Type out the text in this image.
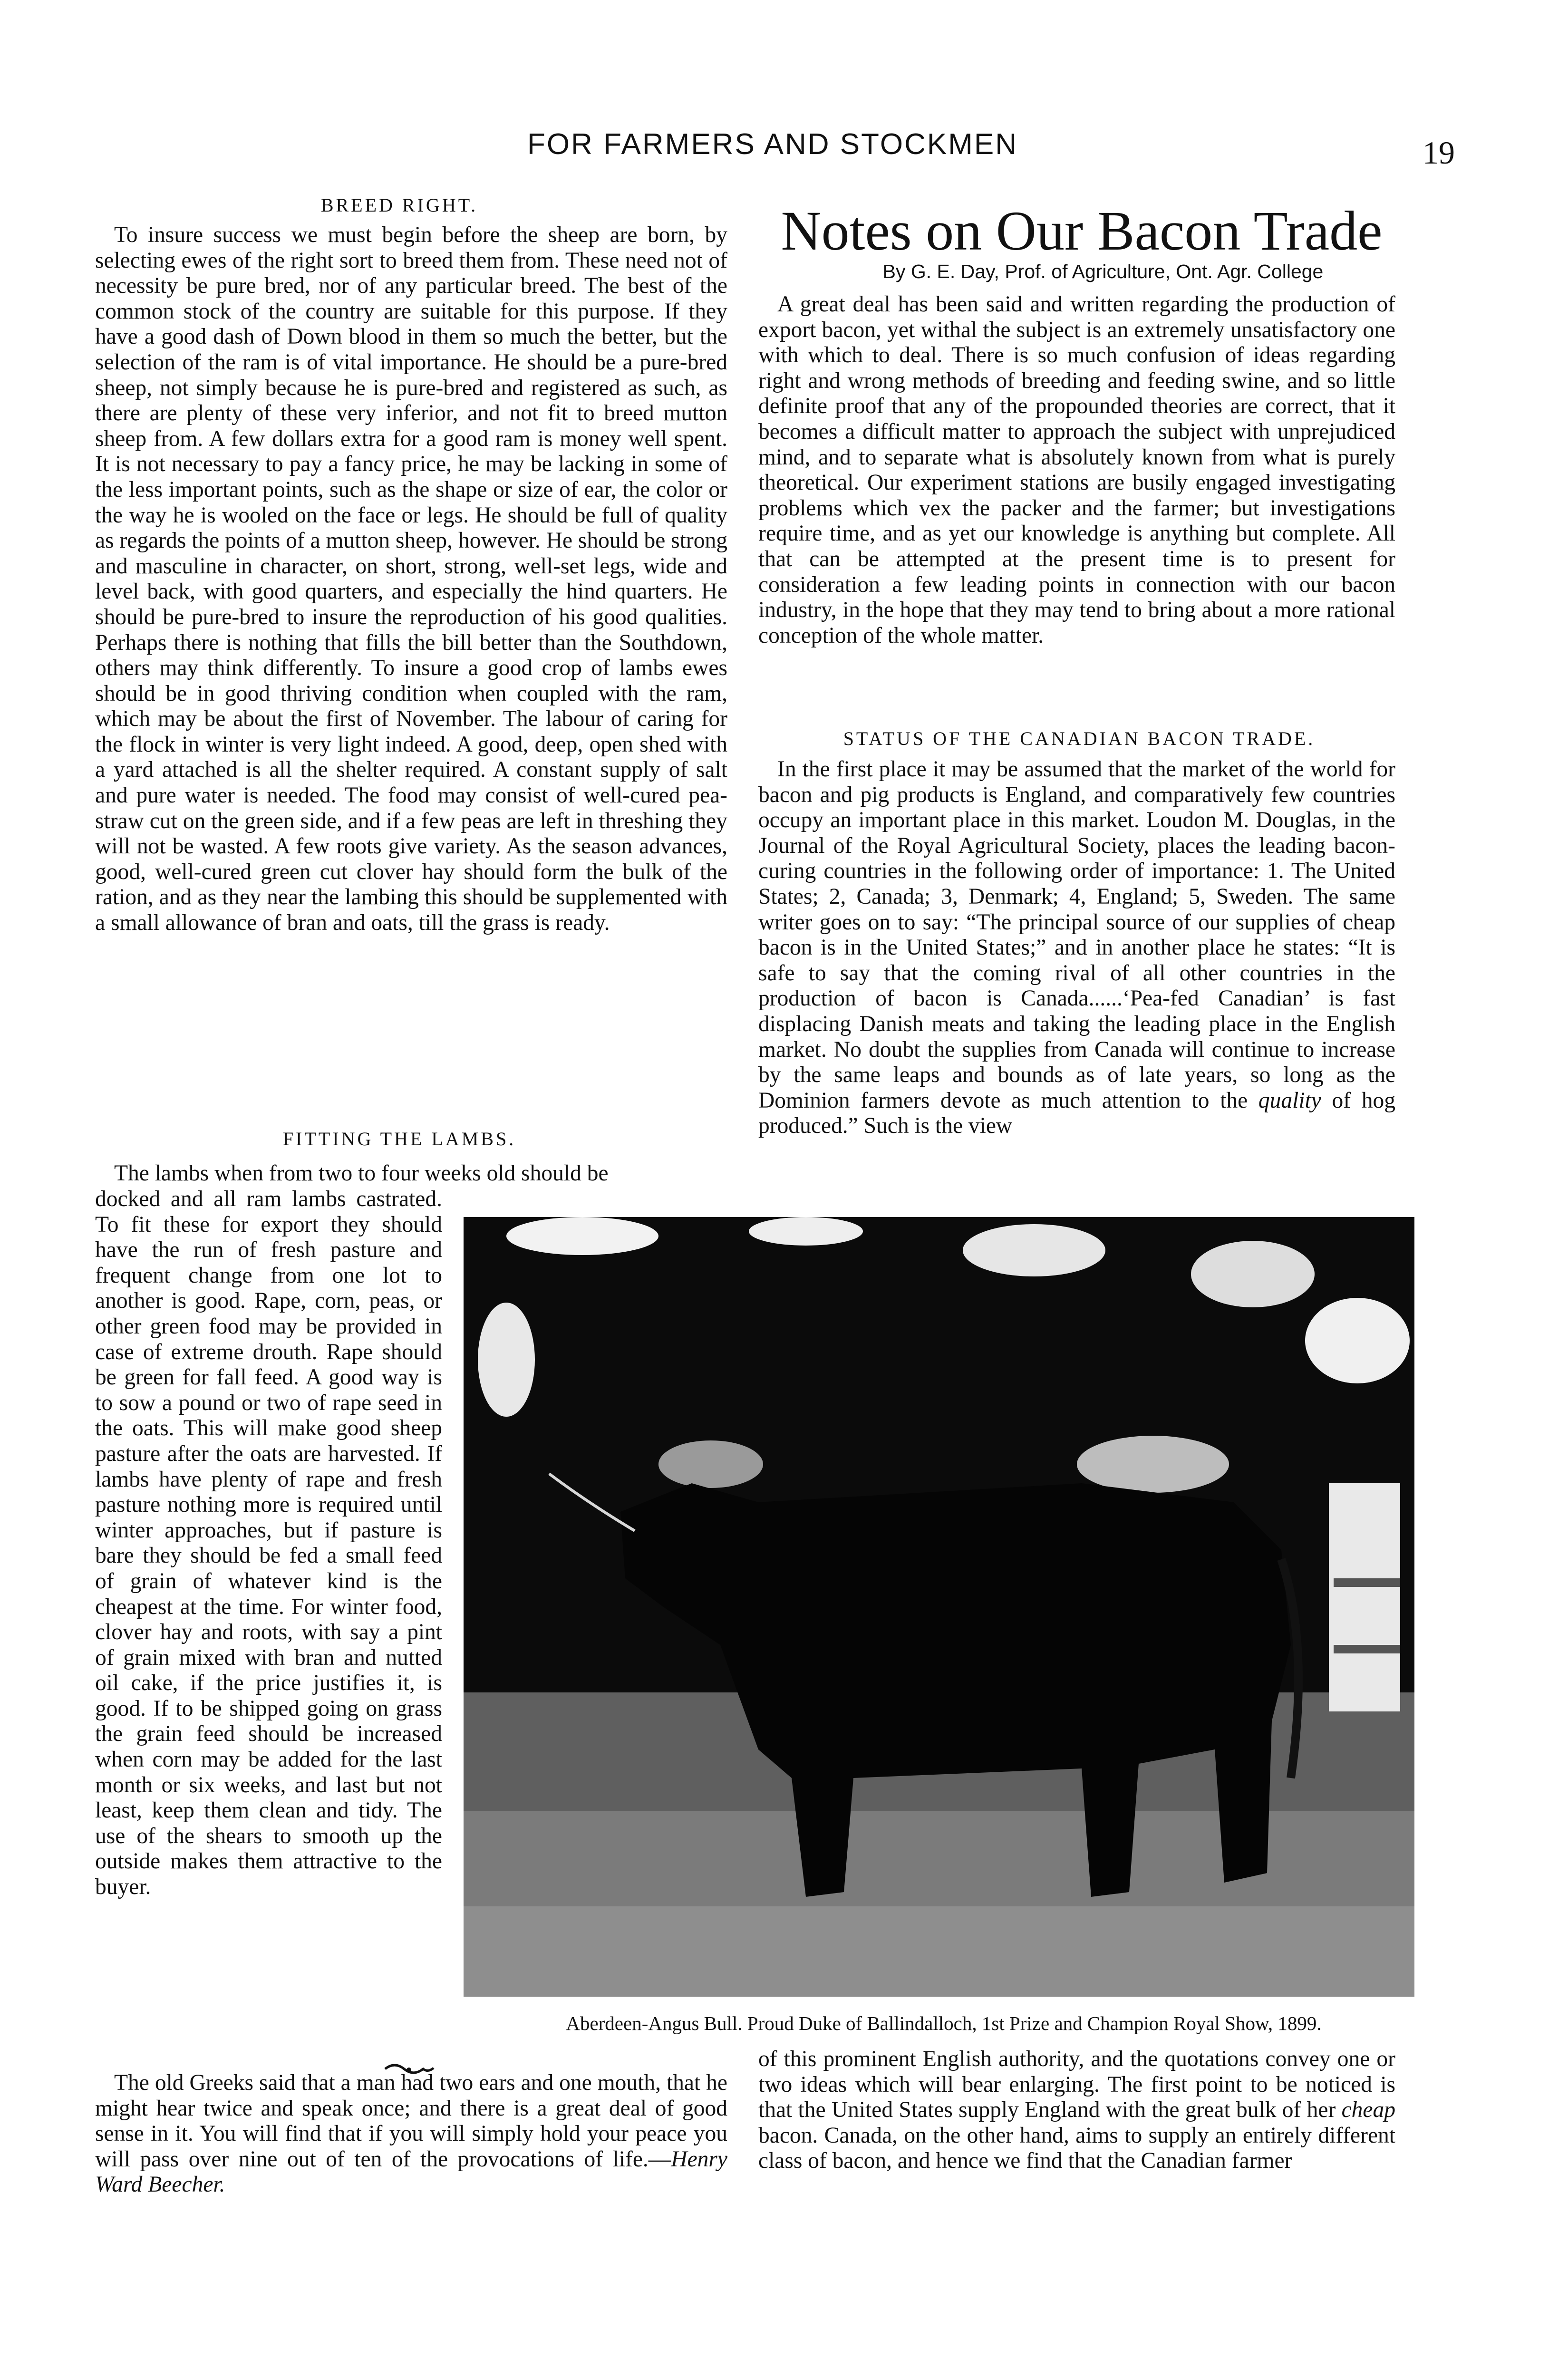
FOR FARMERS AND STOCKMEN	19
BREED RIGHT.

To insure success we must begin before the sheep are born, by selecting ewes of the right sort to breed them from. These need not of necessity be pure bred, nor of any particular breed. The best of the common stock of the country are suitable for this purpose. If they have a good dash of Down blood in them so much the better, but the selection of the ram is of vital importance. He should be a pure-bred sheep, not simply because he is pure-bred and registered as such, as there are plenty of these very inferior, and not fit to breed mutton sheep from. A few dollars extra for a good ram is money well spent. It is not necessary to pay a fancy price, he may be lacking in some of the less important points, such as the shape or size of ear, the color or the way he is wooled on the face or legs. He should be full of quality as regards the points of a mutton sheep, however. He should be strong and masculine in character, on short, strong, well-set legs, wide and level back, with good quarters, and especially the hind quarters. He should be pure-bred to insure the reproduction of his good qualities. Perhaps there is nothing that fills the bill better than the Southdown, others may think differently. To insure a good crop of lambs ewes should be in good thriving condition when coupled with the ram, which may be about the first of November. The labour of caring for the flock in winter is very light indeed. A good, deep, open shed with a yard attached is all the shelter required. A constant supply of salt and pure water is needed. The food may consist of well-cured pea-straw cut on the green side, and if a few peas are left in threshing they will not be wasted. A few roots give variety. As the season advances, good, well-cured green cut clover hay should form the bulk of the ration, and as they near the lambing this should be supplemented with a small allowance of bran and oats, till the grass is ready.

FITTING THE LAMBS.

The lambs when from two to four weeks old should be

docked and all ram lambs castrated. To fit these for export they should have the run of fresh pasture and frequent change from one lot to another is good. Rape, corn, peas, or other green food may be provided in case of extreme drouth. Rape should be green for fall feed. A good way is to sow a pound or two of rape seed in the oats. This will make good sheep pasture after the oats are harvested. If lambs have plenty of rape and fresh pasture nothing more is required until winter approaches, but if pasture is bare they should be fed a small feed of grain of whatever kind is the cheapest at the time. For winter food, clover hay and roots, with say a pint of grain mixed with bran and nutted oil cake, if the price justifies it, is good. If to be shipped going on grass the grain feed should be increased when corn may be added for the last month or six weeks, and last but not least, keep them clean and tidy. The use of the shears to smooth up the outside makes them attractive to the buyer.

The old Greeks said that a man had two ears and one mouth, that he might hear twice and speak once; and there is a great deal of good sense in it. You will find that if you will simply hold your peace you will pass over nine out of ten of the provocations of life.—Henry Ward Beecher.

Notes on Our Bacon Trade
By G. E. Day, Prof. of Agriculture, Ont. Agr. College

A great deal has been said and written regarding the production of export bacon, yet withal the subject is an extremely unsatisfactory one with which to deal. There is so much confusion of ideas regarding right and wrong methods of breeding and feeding swine, and so little definite proof that any of the propounded theories are correct, that it becomes a difficult matter to approach the subject with unprejudiced mind, and to separate what is absolutely known from what is purely theoretical. Our experiment stations are busily engaged investigating problems which vex the packer and the farmer; but investigations require time, and as yet our knowledge is anything but complete. All that can be attempted at the present time is to present for consideration a few leading points in connection with our bacon industry, in the hope that they may tend to bring about a more rational conception of the whole matter.

STATUS OF THE CANADIAN BACON TRADE.

In the first place it may be assumed that the market of the world for bacon and pig products is England, and comparatively few countries occupy an important place in this market. Loudon M. Douglas, in the Journal of the Royal Agricultural Society, places the leading bacon-curing countries in the following order of importance: 1. The United States; 2, Canada; 3, Denmark; 4, England; 5, Sweden. The same writer goes on to say: “The principal source of our supplies of cheap bacon is in the United States;” and in another place he states: “It is safe to say that the coming rival of all other countries in the production of bacon is Canada......‘Pea-fed Canadian’ is fast displacing Danish meats and taking the leading place in the English market. No doubt the supplies from Canada will continue to increase by the same leaps and bounds as of late years, so long as the Dominion farmers devote as much attention to the quality of hog produced.” Such is the view

Aberdeen-Angus Bull. Proud Duke of Ballindalloch, 1st Prize and Champion Royal Show, 1899.

of this prominent English authority, and the quotations convey one or two ideas which will bear enlarging. The first point to be noticed is that the United States supply England with the great bulk of her cheap bacon. Canada, on the other hand, aims to supply an entirely different class of bacon, and hence we find that the Canadian farmer
